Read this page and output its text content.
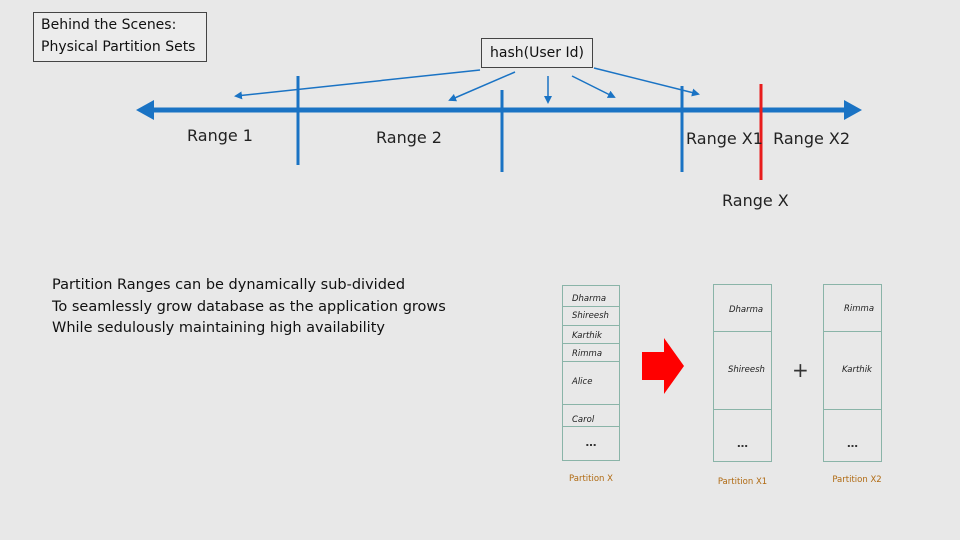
Behind the Scenes:
Physical Partition Sets	hash(User Id)
Range 1	Range 2	Range X1  Range X2
Range X
Partition Ranges can be dynamically sub-divided
To seamlessly grow database as the application grows
While sedulously maintaining high availability
Dharma
Shireesh
Karthik
Rimma
Alice
Carol
…
Partition X
Dharma
Shireesh
…
Partition X1
+
Rimma
Karthik
…
Partition X2
